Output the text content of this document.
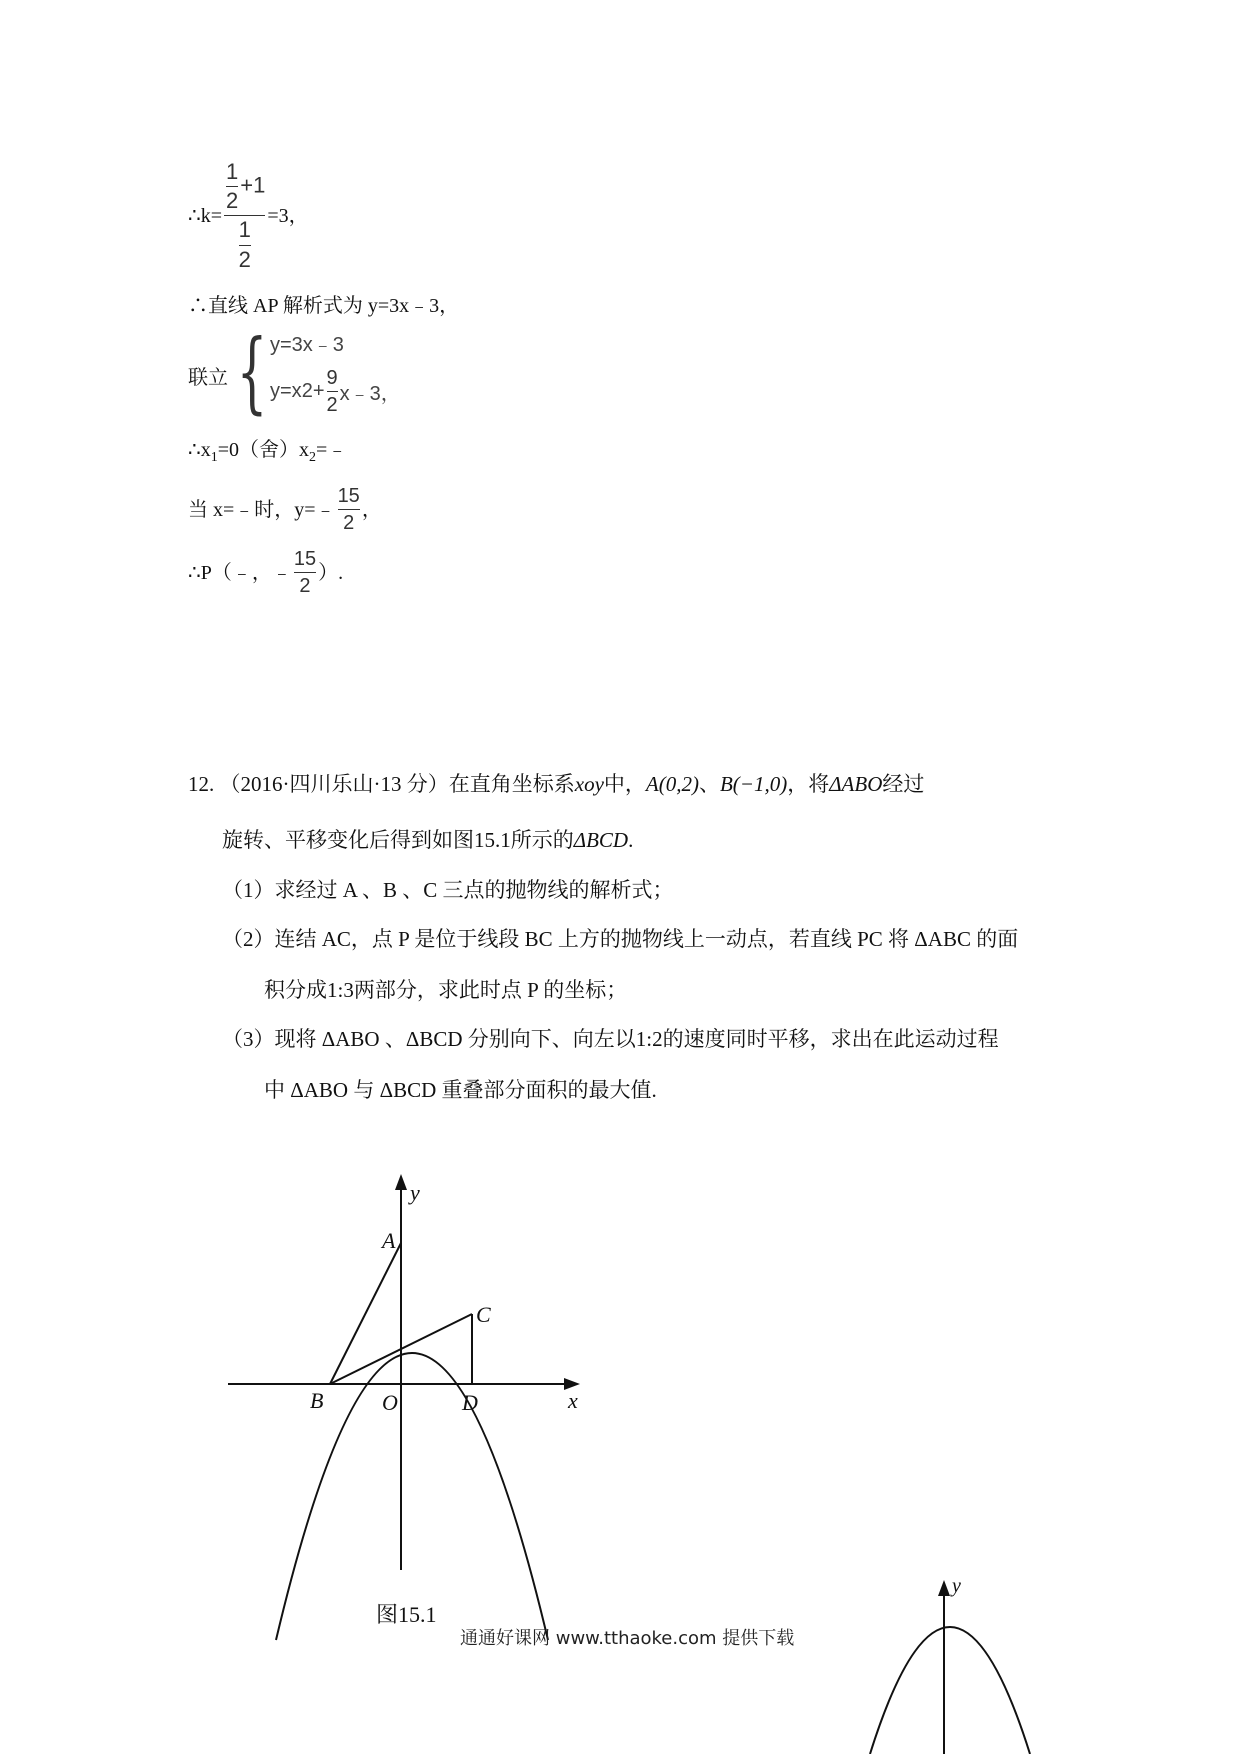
∴k= $\frac{\frac{1}{2} +1}{\frac{1}{2}} =3$，
∴直线 AP 解析式为 y=3x﹣3，
联立 { y=3x﹣3
y=x $2 + \frac{9}{2}$ x﹣3 ，
$\therefore x_1=0$（舍）$x_2=﹣$
当 x=﹣时，y=﹣ $\frac{15}{2}$ ，
∴P（﹣，﹣ $\frac{15}{2}$ ）.
12. （2016·四川乐山·13 分）在直角坐标系xoy中，A(0,2)、B(−1,0)，将ΔABO经过
旋转、平移变化后得到如图15.1所示的ΔBCD.
（1）求经过 A 、B 、C 三点的抛物线的解析式；
（2）连结 AC，点 P 是位于线段 BC 上方的抛物线上一动点，若直线 PC 将 ΔABC 的面
积分成1:3两部分，求此时点 P 的坐标；
（3）现将 ΔABO 、ΔBCD 分别向下、向左以1:2的速度同时平移，求出在此运动过程
中 ΔABO 与 ΔBCD 重叠部分面积的最大值.
y
x
A
B
C
O	D
图15.1
y
通通好课网 www.tthaoke.com 提供下载
